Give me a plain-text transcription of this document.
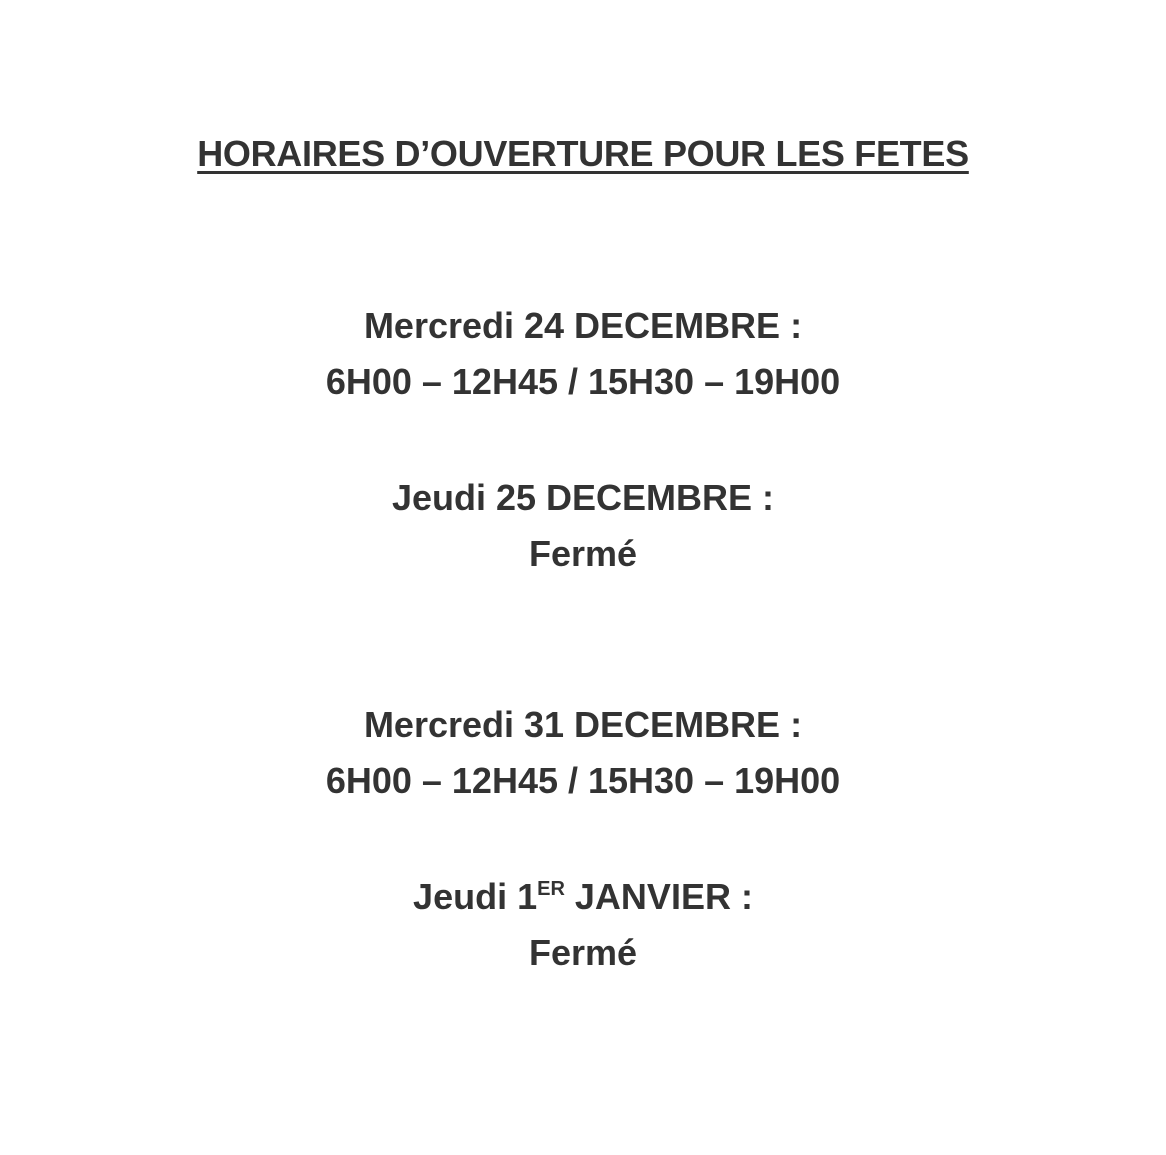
HORAIRES D’OUVERTURE POUR LES FETES
Mercredi 24 DECEMBRE :
6H00 – 12H45 / 15H30 – 19H00
Jeudi 25 DECEMBRE :
Fermé
Mercredi 31 DECEMBRE :
6H00 – 12H45 / 15H30 – 19H00
Jeudi 1ER JANVIER :
Fermé
